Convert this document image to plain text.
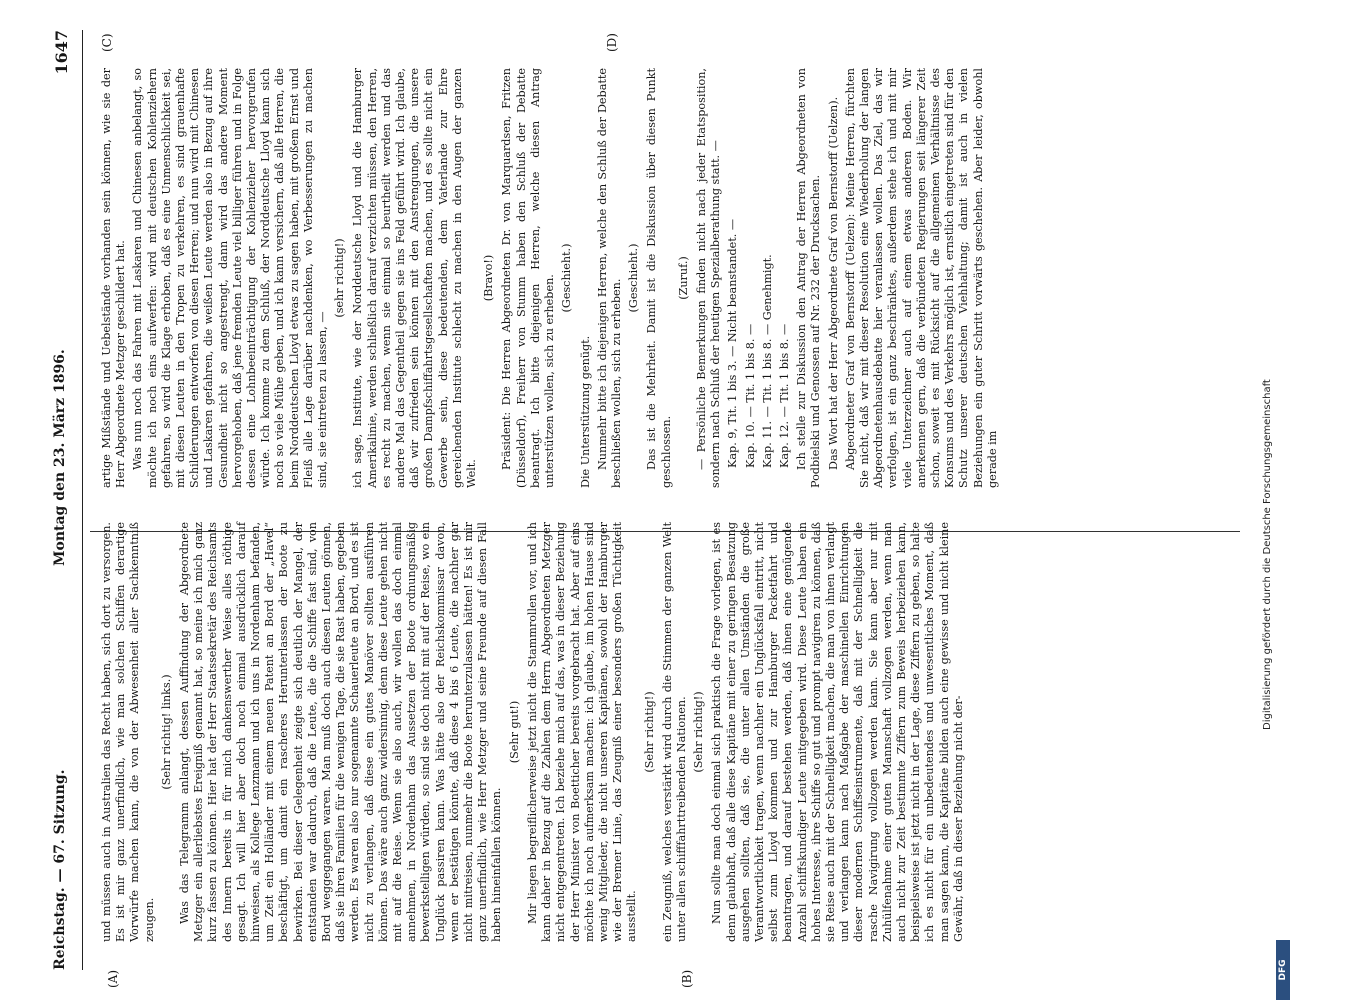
Reichstag. — 67. Sitzung.
Montag den 23. März 1896.
1647
(A)	(B)
(C)	(D)

und müssen auch in Australien das Recht haben, sich dort zu versorgen. Es ist mir ganz unerfindlich, wie man solchen Schiffen derartige Vorwürfe machen kann, die von der Abwesenheit aller Sachkenntniß zeugen.

(Sehr richtig! links.) Was das Telegramm anlangt, dessen Auffindung der Abgeordnete Metzger ein allerliebstes Ereigniß genannt hat, so meine ich mich ganz kurz fassen zu können. Hier hat der Herr Staatssekretär des Reichsamts des Innern bereits in für mich dankenswerther Weise alles nöthige gesagt. Ich will hier aber doch noch einmal ausdrücklich darauf hinweisen, als Kollege Lenzmann und ich uns in Nordenham befanden, um Zeit ein Holländer mit einem neuen Patent an Bord der „Havel“ beschäftigt, um damit ein rascheres Herunterlassen der Boote zu bewirken. Bei dieser Gelegenheit zeigte sich deutlich der Mangel, der entstanden war dadurch, daß die Leute, die die Schiffe fast sind, von Bord weggegangen waren. Man muß doch auch diesen Leuten gönnen, daß sie ihren Familien für die wenigen Tage, die sie Rast haben, gegeben werden. Es waren also nur sogenannte Schauerleute an Bord, und es ist nicht zu verlangen, daß diese ein gutes Manöver sollten ausführen können. Das wäre auch ganz widersinnig, denn diese Leute gehen nicht mit auf die Reise. Wenn sie also auch, wir wollen das doch einmal annehmen, in Nordenham das Aussetzen der Boote ordnungsmäßig bewerkstelligen würden, so sind sie doch nicht mit auf der Reise, wo ein Unglück passiren kann. Was hätte also der Reichskommissar davon, wenn er bestätigen könnte, daß diese 4 bis 6 Leute, die nachher gar nicht mitreisen, nunmehr die Boote herunterzulassen hätten! Es ist mir ganz unerfindlich, wie Herr Metzger und seine Freunde auf diesen Fall haben hineinfallen können.

(Sehr gut!) Mir liegen begreiflicherweise jetzt nicht die Stammrollen vor, und ich kann daher in Bezug auf die Zahlen dem Herrn Abgeordneten Metzger nicht entgegentreten. Ich beziehe mich auf das, was in dieser Beziehung der Herr Minister von Boetticher bereits vorgebracht hat. Aber auf eins möchte ich noch aufmerksam machen: ich glaube, im hohen Hause sind wenig Mitglieder, die nicht unseren Kapitänen, sowohl der Hamburger wie der Bremer Linie, das Zeugniß einer besonders großen Tüchtigkeit ausstellt.

(Sehr richtig!) ein Zeugniß, welches verstärkt wird durch die Stimmen der ganzen Welt unter allen schifffahrttreibenden Nationen. (Sehr richtig!) Nun sollte man doch einmal sich praktisch die Frage vorlegen, ist es denn glaubhaft, daß alle diese Kapitäne mit einer zu geringen Besatzung ausgehen sollten, daß sie, die unter allen Umständen die große Verantwortlichkeit tragen, wenn nachher ein Unglücksfall eintritt, nicht selbst zum Lloyd kommen und zur Hamburger Packetfahrt und beantragen, und darauf bestehen werden, daß ihnen eine genügende Anzahl schiffskundiger Leute mitgegeben wird. Diese Leute haben ein hohes Interesse, ihre Schiffe so gut und prompt navigiren zu können, daß sie Reise auch mit der Schnelligkeit machen, die man von ihnen verlangt und verlangen kann nach Maßgabe der maschinellen Einrichtungen dieser modernen Schiffseinstrumente, daß mit der Schnelligkeit die rasche Navigirung vollzogen werden kann. Sie kann aber nur mit Zuhülfenahme einer guten Mannschaft vollzogen werden, wenn man auch nicht zur Zeit bestimmte Ziffern zum Beweis herbeiziehen kann, beispielsweise ist jetzt nicht in der Lage, diese Ziffern zu geben, so halte ich es nicht für ein unbedeutendes und unwesentliches Moment, daß man sagen kann, die Kapitäne bilden auch eine gewisse und nicht kleine Gewähr, daß in dieser Beziehung nicht der-

artige Mißstände und Uebelstände vorhanden sein können, wie sie der Herr Abgeordnete Metzger geschildert hat. Was nun noch das Fahren mit Laskaren und Chinesen anbelangt, so möchte ich noch eins aufwerfen: wird mit deutschen Kohlenziehern gefahren, so wird die Klage erhoben, daß es eine Unmenschlichkeit sei, mit diesen Leuten in den Tropen zu verkehren, es sind grauenhafte Schilderungen entworfen von diesen Herren; und nun wird mit Chinesen und Laskaren gefahren, die weißen Leute werden also in Bezug auf ihre Gesundheit nicht so angestrengt, dann wird das andere Moment hervorgehoben, daß jene fremden Leute viel billiger führen und in Folge dessen eine Lohnbeeinträchtigung der Kohlenzieher hervorgerufen würde. Ich komme zu dem Schluß, der Norddeutsche Lloyd kann sich noch so viele Mühe geben, und ich kann versichern, daß alle Herren, die beim Norddeutschen Lloyd etwas zu sagen haben, mit großem Ernst und Fleiß alle Lage darüber nachdenken, wo Verbesserungen zu machen sind, sie eintreten zu lassen, —

(sehr richtig!) ich sage, Institute, wie der Norddeutsche Lloyd und die Hamburger Amerikalinie, werden schließlich darauf verzichten müssen, den Herren, es recht zu machen, wenn sie einmal so beurtheilt werden und das andere Mal das Gegentheil gegen sie ins Feld geführt wird. Ich glaube, daß wir zufrieden sein können mit den Anstrengungen, die unsere großen Dampfschiffahrtsgesellschaften machen, und es sollte nicht ein Gewerbe sein, diese bedeutenden, dem Vaterlande zur Ehre gereichenden Institute schlecht zu machen in den Augen der ganzen Welt.

(Bravo!) Präsident: Die Herren Abgeordneten Dr. von Marquardsen, Fritzen (Düsseldorf), Freiherr von Stumm haben den Schluß der Debatte beantragt. Ich bitte diejenigen Herren, welche diesen Antrag unterstützen wollen, sich zu erheben. (Geschieht.)

Die Unterstützung genügt. Nunmehr bitte ich diejenigen Herren, welche den Schluß der Debatte beschließen wollen, sich zu erheben.

(Geschieht.) Das ist die Mehrheit. Damit ist die Diskussion über diesen Punkt geschlossen.

(Zuruf.) — Persönliche Bemerkungen finden nicht nach jeder Etatsposition, sondern nach Schluß der heutigen Spezialberathung statt. — Kap. 9, Tit. 1 bis 3. — Nicht beanstandet. — Kap. 10. — Tit. 1 bis 8. — Kap. 11. — Tit. 1 bis 8. — Genehmigt. Kap. 12. — Tit. 1 bis 8. — Ich stelle zur Diskussion den Antrag der Herren Abgeordneten von Podbielski und Genossen auf Nr. 232 der Drucksachen. Das Wort hat der Herr Abgeordnete Graf von Bernstorff (Uelzen). Abgeordneter Graf von Bernstorff (Uelzen): Meine Herren, fürchten Sie nicht, daß wir mit dieser Resolution eine Wiederholung der langen Abgeordnetenhausdebatte hier veranlassen wollen. Das Ziel, das wir verfolgen, ist ein ganz beschränktes, außerdem stehe ich und mit mir viele Unterzeichner auch auf einem etwas anderen Boden. Wir anerkennen gern, daß die verbündeten Regierungen seit längerer Zeit schon, soweit es mit Rücksicht auf die allgemeinen Verhältnisse des Konsums und des Verkehrs möglich ist, ernstlich eingetreten sind für den Schutz unserer deutschen Viehhaltung; damit ist auch in vielen Beziehungen ein guter Schritt vorwärts geschehen. Aber leider, obwohl gerade im	Digitalisierung gefördert durch die Deutsche Forschungsgemeinschaft
DFG
